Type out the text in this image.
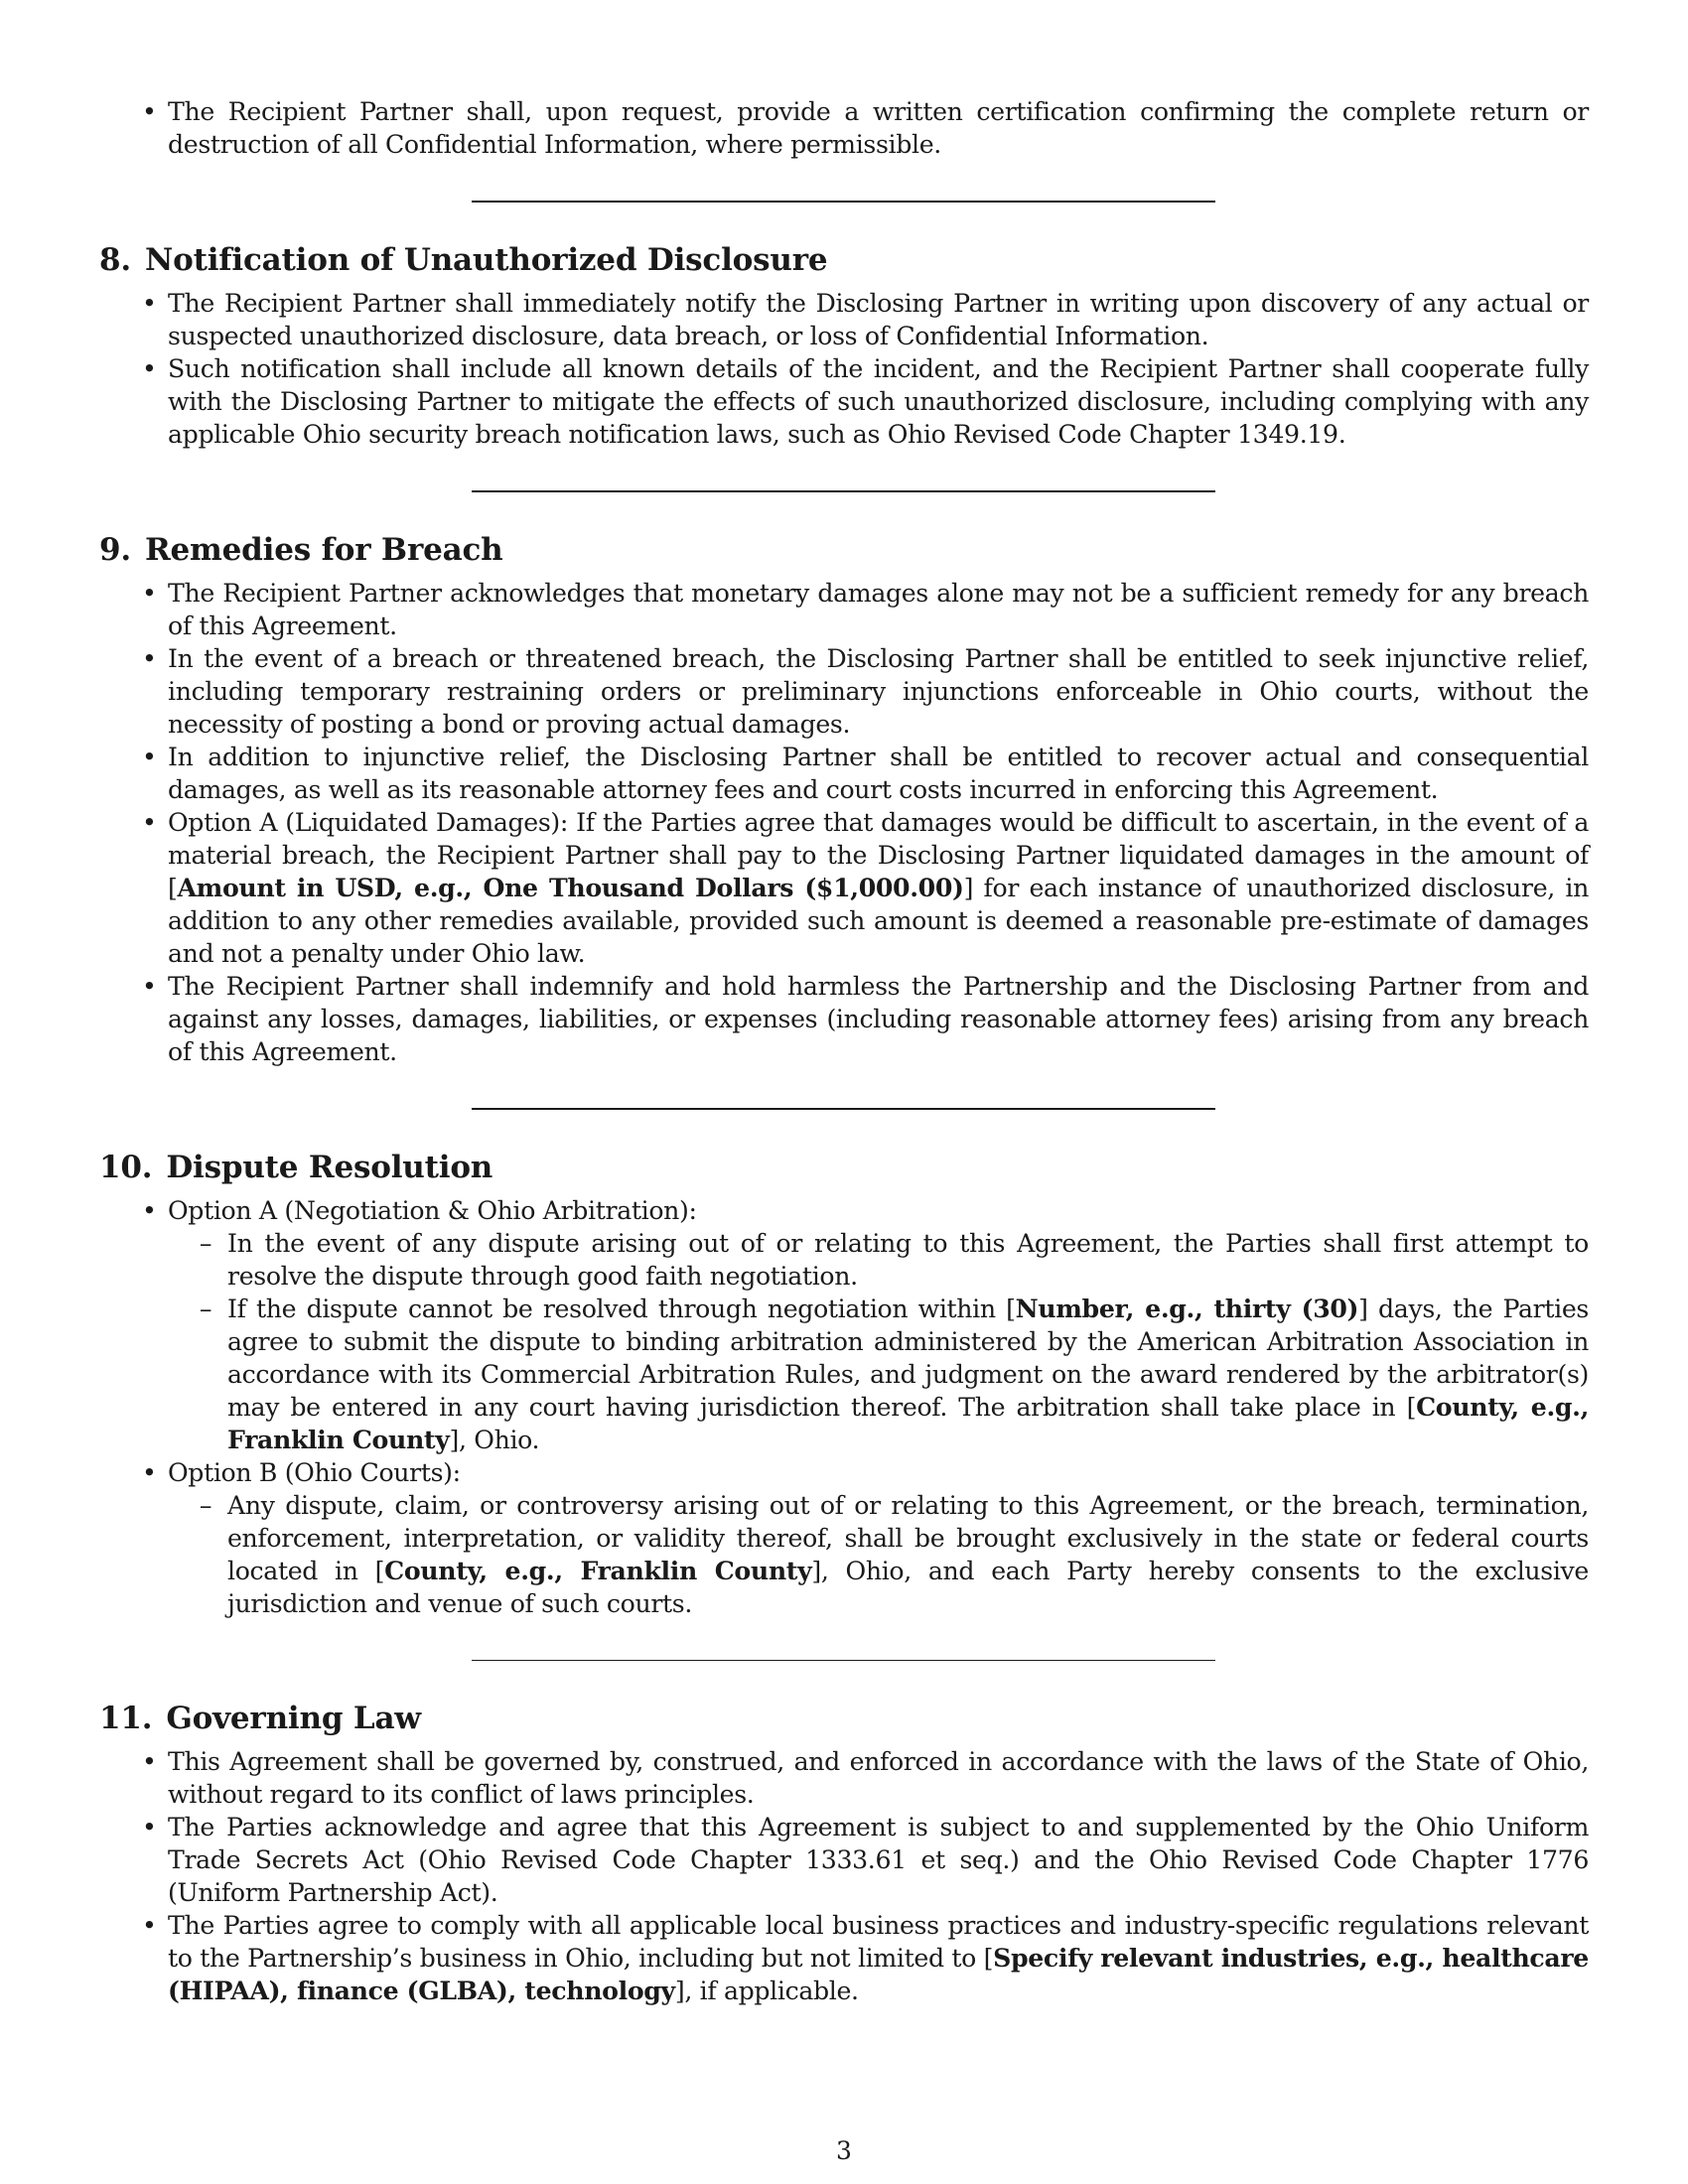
• The Recipient Partner shall, upon request, provide a written certification confirming the complete return or destruction of all Confidential Information, where permissible.
8. Notification of Unauthorized Disclosure
• The Recipient Partner shall immediately notify the Disclosing Partner in writing upon discovery of any actual or suspected unauthorized disclosure, data breach, or loss of Confidential Information.
• Such notification shall include all known details of the incident, and the Recipient Partner shall cooperate fully with the Disclosing Partner to mitigate the effects of such unauthorized disclosure, including complying with any applicable Ohio security breach notification laws, such as Ohio Revised Code Chapter 1349.19.
9. Remedies for Breach
• The Recipient Partner acknowledges that monetary damages alone may not be a sufficient remedy for any breach of this Agreement.
• In the event of a breach or threatened breach, the Disclosing Partner shall be entitled to seek injunctive relief, including temporary restraining orders or preliminary injunctions enforceable in Ohio courts, without the necessity of posting a bond or proving actual damages.
• In addition to injunctive relief, the Disclosing Partner shall be entitled to recover actual and consequential damages, as well as its reasonable attorney fees and court costs incurred in enforcing this Agreement.
• Option A (Liquidated Damages): If the Parties agree that damages would be difficult to ascertain, in the event of a material breach, the Recipient Partner shall pay to the Disclosing Partner liquidated damages in the amount of [Amount in USD, e.g., One Thousand Dollars ($1,000.00)] for each instance of unauthorized disclosure, in addition to any other remedies available, provided such amount is deemed a reasonable pre-estimate of damages and not a penalty under Ohio law.
• The Recipient Partner shall indemnify and hold harmless the Partnership and the Disclosing Partner from and against any losses, damages, liabilities, or expenses (including reasonable attorney fees) arising from any breach of this Agreement.
10. Dispute Resolution
• Option A (Negotiation & Ohio Arbitration):
– In the event of any dispute arising out of or relating to this Agreement, the Parties shall first attempt to resolve the dispute through good faith negotiation.
– If the dispute cannot be resolved through negotiation within [Number, e.g., thirty (30)] days, the Parties agree to submit the dispute to binding arbitration administered by the American Arbitration Association in accordance with its Commercial Arbitration Rules, and judgment on the award rendered by the arbitrator(s) may be entered in any court having jurisdiction thereof. The arbitration shall take place in [County, e.g., Franklin County], Ohio.
• Option B (Ohio Courts):
– Any dispute, claim, or controversy arising out of or relating to this Agreement, or the breach, termination, enforcement, interpretation, or validity thereof, shall be brought exclusively in the state or federal courts located in [County, e.g., Franklin County], Ohio, and each Party hereby consents to the exclusive jurisdiction and venue of such courts.
11. Governing Law
• This Agreement shall be governed by, construed, and enforced in accordance with the laws of the State of Ohio, without regard to its conflict of laws principles.
• The Parties acknowledge and agree that this Agreement is subject to and supplemented by the Ohio Uniform Trade Secrets Act (Ohio Revised Code Chapter 1333.61 et seq.) and the Ohio Revised Code Chapter 1776 (Uniform Partnership Act).
• The Parties agree to comply with all applicable local business practices and industry-specific regulations relevant to the Partnership’s business in Ohio, including but not limited to [Specify relevant industries, e.g., healthcare (HIPAA), finance (GLBA), technology], if applicable.
3
